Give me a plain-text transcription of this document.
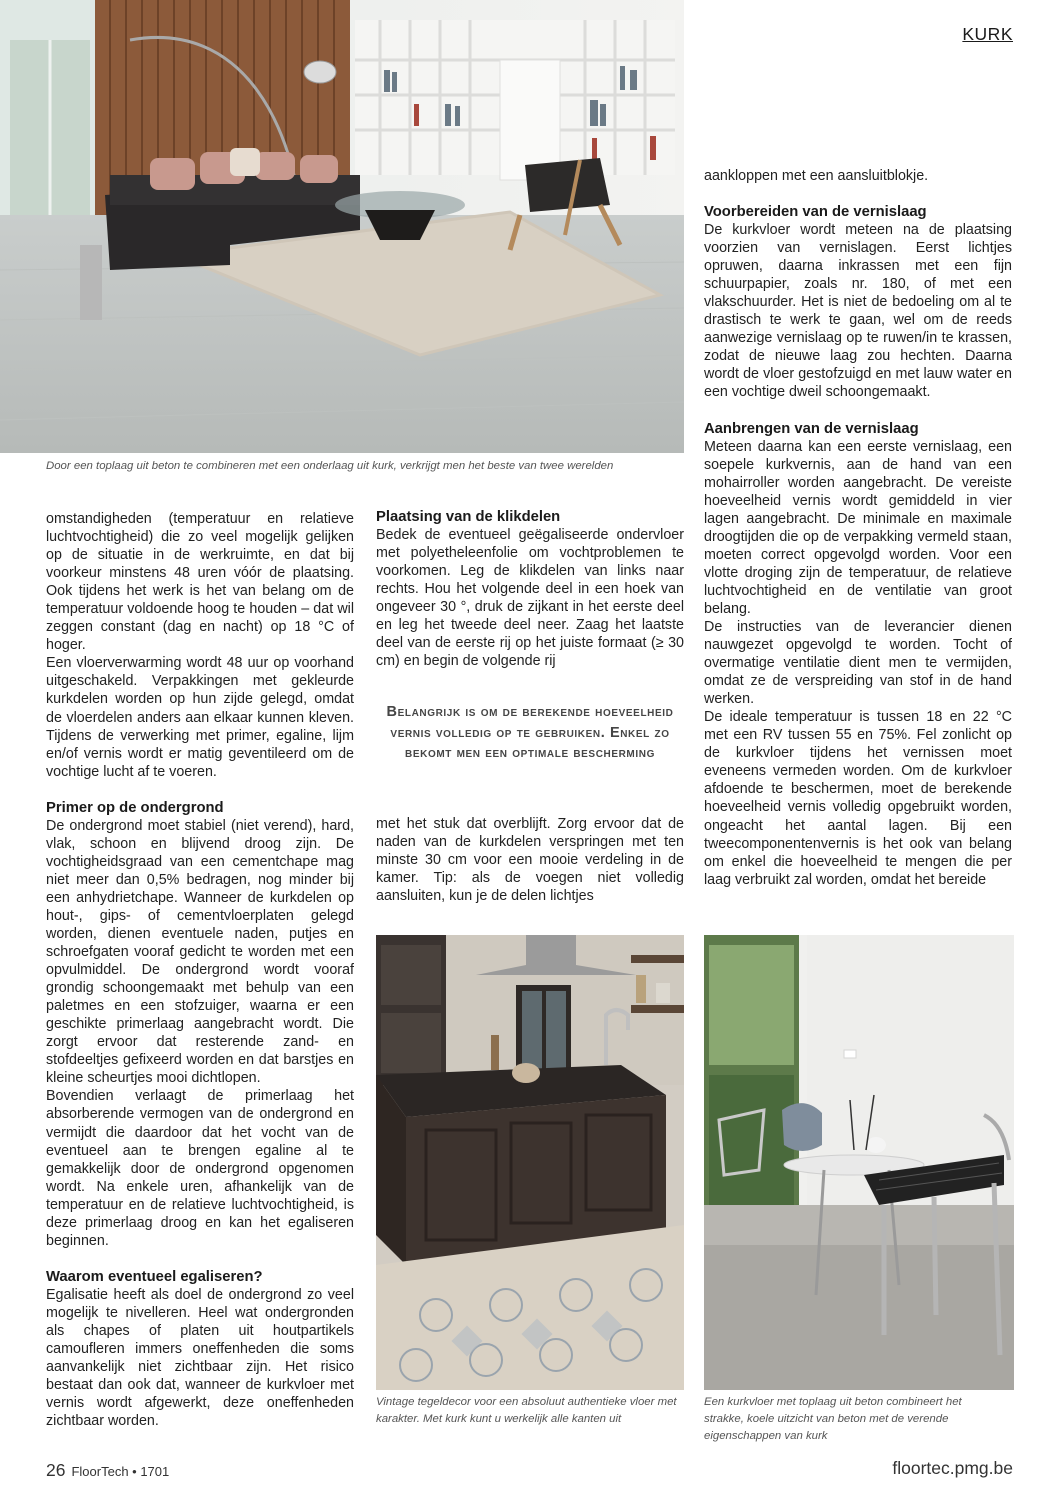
KURK
Door een toplaag uit beton te combineren met een onderlaag uit kurk, verkrijgt men het beste van twee werelden

omstandigheden (temperatuur en relatieve luchtvochtigheid) die zo veel mogelijk gelijken op de situatie in de werkruimte, en dat bij voorkeur minstens 48 uren vóór de plaatsing. Ook tijdens het werk is het van belang om de temperatuur voldoende hoog te houden – dat wil zeggen constant (dag en nacht) op 18 °C of hoger.

Een vloerverwarming wordt 48 uur op voorhand uitgeschakeld. Verpakkingen met gekleurde kurkdelen worden op hun zijde gelegd, omdat de vloerdelen anders aan elkaar kunnen kleven. Tijdens de verwerking met primer, egaline, lijm en/of vernis wordt er matig geventileerd om de vochtige lucht af te voeren.

Primer op de ondergrond

De ondergrond moet stabiel (niet verend), hard, vlak, schoon en blijvend droog zijn. De vochtigheidsgraad van een cementchape mag niet meer dan 0,5% bedragen, nog minder bij een anhydrietchape. Wanneer de kurkdelen op hout-, gips- of cementvloerplaten gelegd worden, dienen eventuele naden, putjes en schroefgaten vooraf gedicht te worden met een opvulmiddel. De ondergrond wordt vooraf grondig schoongemaakt met behulp van een paletmes en een stofzuiger, waarna er een geschikte primerlaag aangebracht wordt. Die zorgt ervoor dat resterende zand- en stofdeeltjes gefixeerd worden en dat barstjes en kleine scheurtjes mooi dichtlopen.

Bovendien verlaagt de primerlaag het absorberende vermogen van de ondergrond en vermijdt die daardoor dat het vocht van de eventueel aan te brengen egaline al te gemakkelijk door de ondergrond opgenomen wordt. Na enkele uren, afhankelijk van de temperatuur en de relatieve luchtvochtigheid, is deze primerlaag droog en kan het egaliseren beginnen.

Waarom eventueel egaliseren?

Egalisatie heeft als doel de ondergrond zo veel mogelijk te nivelleren. Heel wat ondergronden als chapes of platen uit houtpartikels camoufleren immers oneffenheden die soms aanvankelijk niet zichtbaar zijn. Het risico bestaat dan ook dat, wanneer de kurkvloer met vernis wordt afgewerkt, deze oneffenheden zichtbaar worden.

Plaatsing van de klikdelen

Bedek de eventueel geëgaliseerde ondervloer met polyetheleenfolie om vochtproblemen te voorkomen. Leg de klikdelen van links naar rechts. Hou het volgende deel in een hoek van ongeveer 30 °, druk de zijkant in het eerste deel en leg het tweede deel neer. Zaag het laatste deel van de eerste rij op het juiste formaat (≥ 30 cm) en begin de volgende rij

Belangrijk is om de berekende hoeveelheid vernis volledig op te gebruiken. Enkel zo bekomt men een optimale bescherming

met het stuk dat overblijft. Zorg ervoor dat de naden van de kurkdelen verspringen met ten minste 30 cm voor een mooie verdeling in de kamer. Tip: als de voegen niet volledig aansluiten, kun je de delen lichtjes

aankloppen met een aansluitblokje.

Voorbereiden van de vernislaag

De kurkvloer wordt meteen na de plaatsing voorzien van vernislagen. Eerst lichtjes opruwen, daarna inkrassen met een fijn schuurpapier, zoals nr. 180, of met een vlakschuurder. Het is niet de bedoeling om al te drastisch te werk te gaan, wel om de reeds aanwezige vernislaag op te ruwen/in te krassen, zodat de nieuwe laag zou hechten. Daarna wordt de vloer gestofzuigd en met lauw water en een vochtige dweil schoongemaakt.

Aanbrengen van de vernislaag

Meteen daarna kan een eerste vernislaag, een soepele kurkvernis, aan de hand van een mohairroller worden aangebracht. De vereiste hoeveelheid vernis wordt gemiddeld in vier lagen aangebracht. De minimale en maximale droogtijden die op de verpakking vermeld staan, moeten correct opgevolgd worden. Voor een vlotte droging zijn de temperatuur, de relatieve luchtvochtigheid en de ventilatie van groot belang.

De instructies van de leverancier dienen nauwgezet opgevolgd te worden. Tocht of overmatige ventilatie dient men te vermijden, omdat ze de verspreiding van stof in de hand werken.

De ideale temperatuur is tussen 18 en 22 °C met een RV tussen 55 en 75%. Fel zonlicht op de kurkvloer tijdens het vernissen moet eveneens vermeden worden. Om de kurkvloer afdoende te beschermen, moet de berekende hoeveelheid vernis volledig opgebruikt worden, ongeacht het aantal lagen. Bij een tweecomponentenvernis is het ook van belang om enkel die hoeveelheid te mengen die per laag verbruikt zal worden, omdat het bereide

Vintage tegeldecor voor een absoluut authentieke vloer met karakter. Met kurk kunt u werkelijk alle kanten uit
Een kurkvloer met toplaag uit beton combineert het strakke, koele uitzicht van beton met de verende eigenschappen van kurk
26 FloorTech • 1701	floortec.pmg.be
